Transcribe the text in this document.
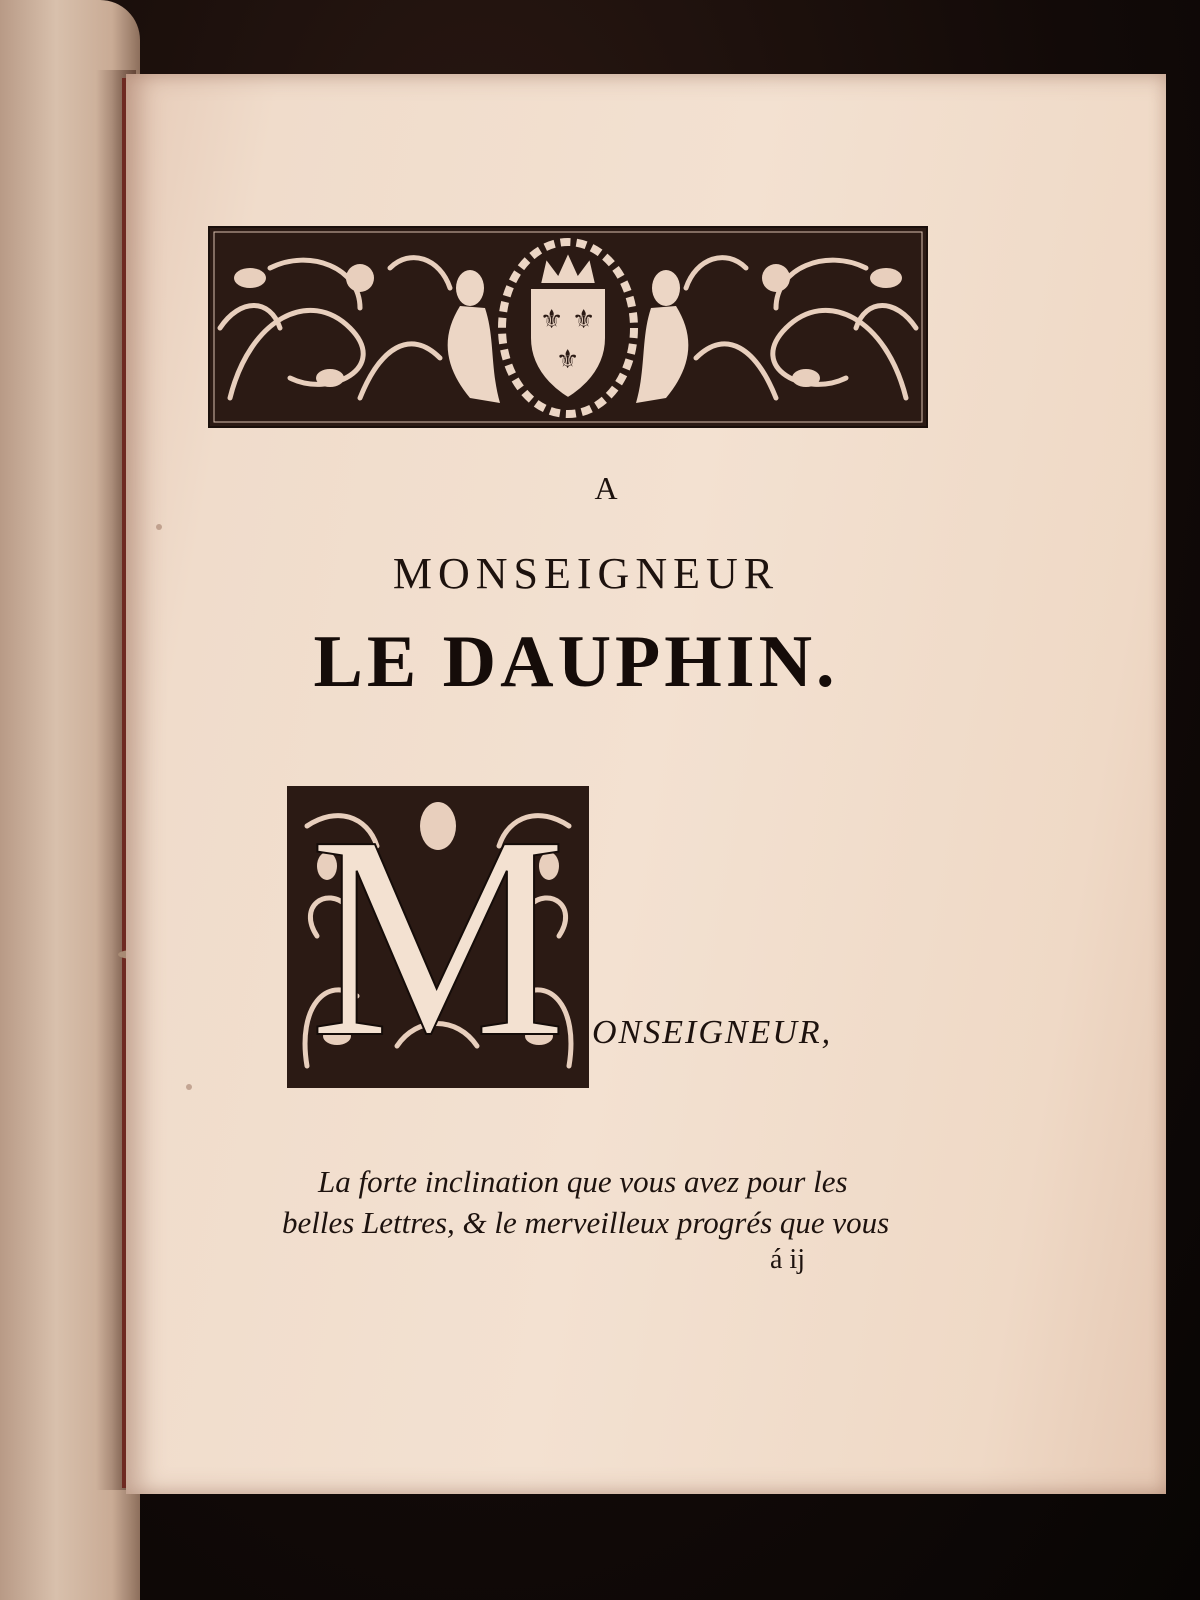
⚜ ⚜
⚜
A
MONSEIGNEUR
LE DAUPHIN.
M ONSEIGNEUR,
La forte inclination que vous avez pour les
belles Lettres, & le merveilleux progrés que vous
á ij
